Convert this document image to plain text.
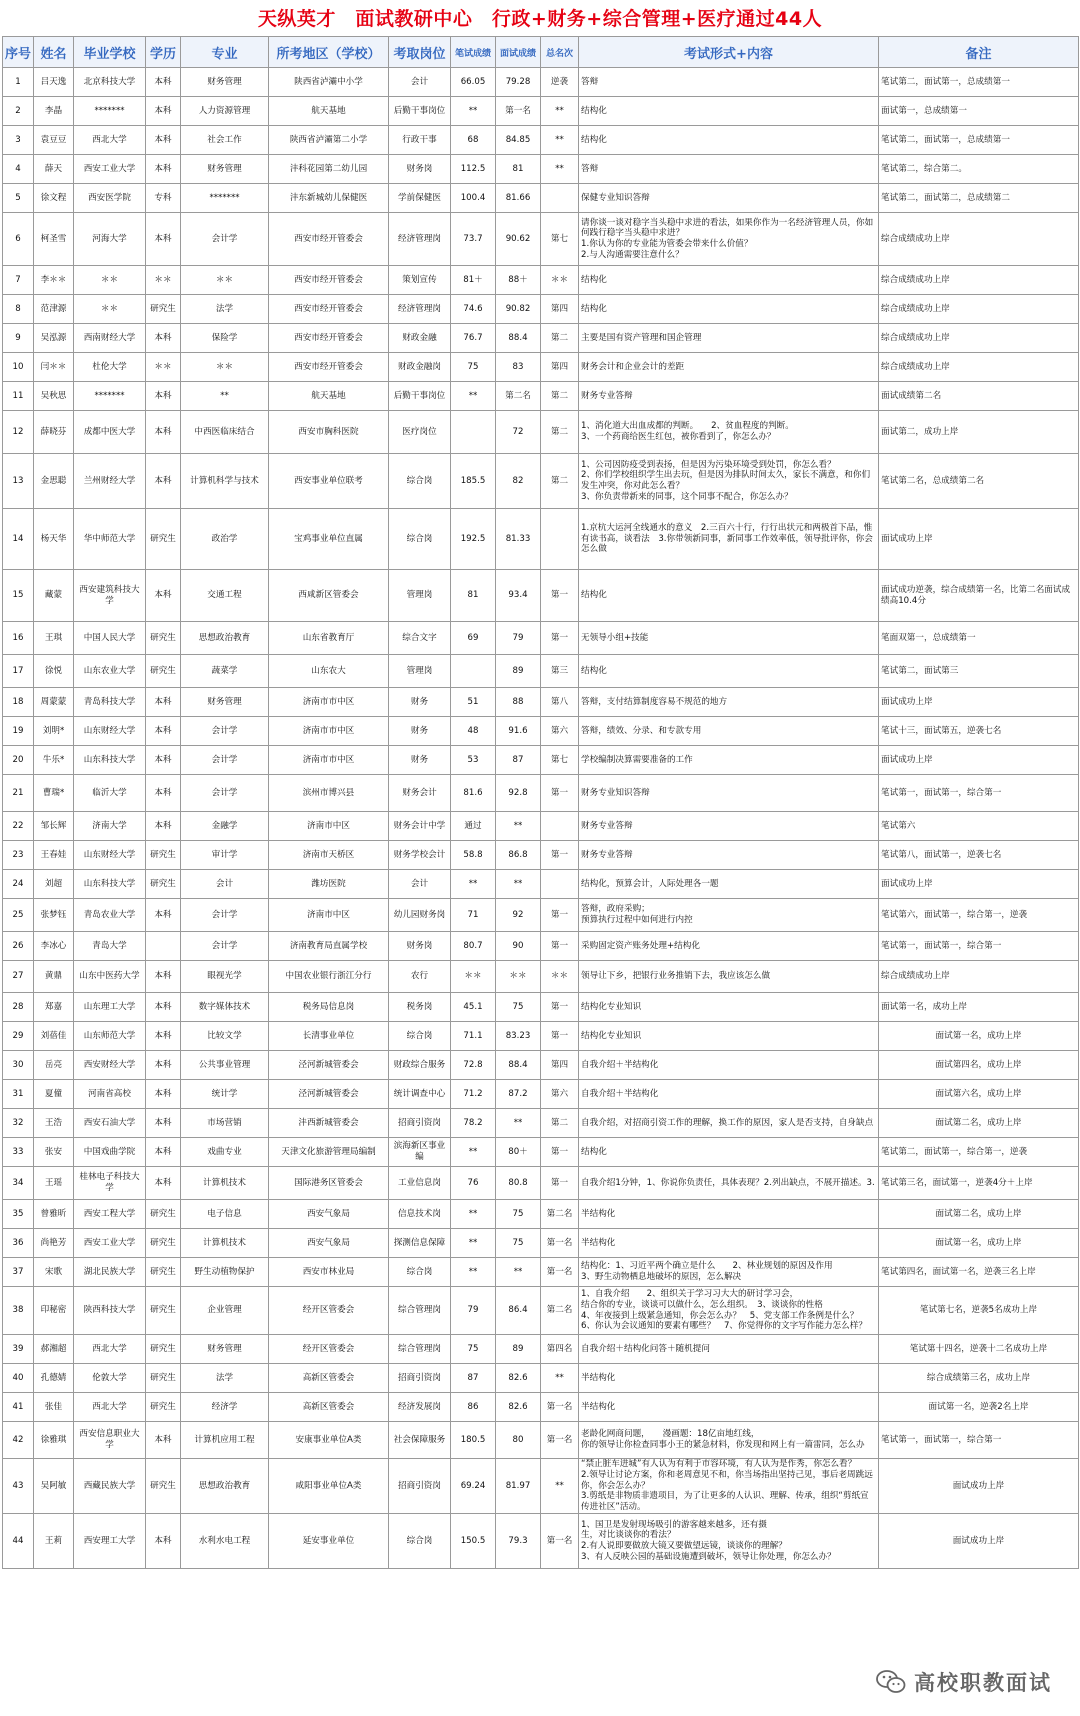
天纵英才　面试教研中心　行政+财务+综合管理+医疗通过44人
序号	姓名	毕业学校	学历	专业	所考地区（学校）	考取岗位	笔试成绩	面试成绩	总名次	考试形式+内容	备注
1	吕天逸	北京科技大学	本科	财务管理	陕西省泸灞中小学	会计	66.05	79.28	逆袭	答辩	笔试第二，面试第一，总成绩第一
2	李晶	*******	本科	人力资源管理	航天基地	后勤干事岗位	**	第一名	**	结构化	面试第一，总成绩第一
3	袁豆豆	西北大学	本科	社会工作	陕西省泸灞第二小学	行政干事	68	84.85	**	结构化	笔试第二，面试第一，总成绩第一
4	薛天	西安工业大学	本科	财务管理	沣科花园第二幼儿园	财务岗	112.5	81	**	答辩	笔试第二，综合第二。
5	徐文程	西安医学院	专科	*******	沣东新城幼儿保健医	学前保健医	100.4	81.66		保健专业知识答辩	笔试第二，面试第二，总成绩第二
6	柯圣雪	河海大学	本科	会计学	西安市经开管委会	经济管理岗	73.7	90.62	第七	请你谈一谈对稳字当头稳中求进的看法，如果你作为一名经济管理人员，你如何践行稳字当头稳中求进？
1.你认为你的专业能为管委会带来什么价值？
2.与人沟通需要注意什么？	综合成绩成功上岸
7	李＊＊	＊＊	＊＊	＊＊	西安市经开管委会	策划宣传	81＋	88＋	＊＊	结构化	综合成绩成功上岸
8	范津源	＊＊	研究生	法学	西安市经开管委会	经济管理岗	74.6	90.82	第四	结构化	综合成绩成功上岸
9	吴泓源	西南财经大学	本科	保险学	西安市经开管委会	财政金融	76.7	88.4	第二	主要是国有资产管理和国企管理	综合成绩成功上岸
10	闫＊＊	杜伦大学	＊＊	＊＊	西安市经开管委会	财政金融岗	75	83	第四	财务会计和企业会计的差距	综合成绩成功上岸
11	吴秋思	*******	本科	**	航天基地	后勤干事岗位	**	第二名	第二	财务专业答辩	面试成绩第二名
12	薛晓芬	成都中医大学	本科	中西医临床结合	西安市胸科医院	医疗岗位		72	第二	1、消化道大出血成都的判断。　　2、贫血程度的判断。
3、一个药商给医生红包，被你看到了，你怎么办？	面试第二，成功上岸
13	金思聪	兰州财经大学	本科	计算机科学与技术	西安事业单位联考	综合岗	185.5	82	第二	1、公司因防疫受到表扬，但是因为污染环境受到处罚，你怎么看？
2、你们学校组织学生出去玩，但是因为排队时间太久，家长不满意，和你们发生冲突，你对此怎么看？
3、你负责带新来的同事，这个同事不配合，你怎么办？	笔试第二名，总成绩第二名
14	杨天华	华中师范大学	研究生	政治学	宝鸡事业单位直属	综合岗	192.5	81.33		1.京杭大运河全线通水的意义　2.三百六十行，行行出状元和两极首下品，惟有读书高，谈看法　3.你带领新同事，新同事工作效率低，领导批评你，你会怎么做	面试成功上岸
15	藏蒙	西安建筑科技大学	本科	交通工程	西咸新区管委会	管理岗	81	93.4	第一	结构化	面试成功逆袭，综合成绩第一名，比第二名面试成绩高10.4分
16	王琪	中国人民大学	研究生	思想政治教育	山东省教育厅	综合文字	69	79	第一	无领导小组+技能	笔面双第一，总成绩第一
17	徐悦	山东农业大学	研究生	蔬菜学	山东农大	管理岗		89	第三	结构化	笔试第二，面试第三
18	周蒙蒙	青岛科技大学	本科	财务管理	济南市市中区	财务	51	88	第八	答辩，支付结算制度容易不规范的地方	面试成功上岸
19	刘明*	山东财经大学	本科	会计学	济南市市中区	财务	48	91.6	第六	答辩，绩效、分录、和专款专用	笔试十三，面试第五，逆袭七名
20	牛乐*	山东科技大学	本科	会计学	济南市市中区	财务	53	87	第七	学校编制决算需要准备的工作	面试成功上岸
21	曹瑞*	临沂大学	本科	会计学	滨州市博兴县	财务会计	81.6	92.8	第一	财务专业知识答辩	笔试第一，面试第一，综合第一
22	邹长辉	济南大学	本科	金融学	济南市中区	财务会计中学	通过	**		财务专业答辩	笔试第六
23	王春娃	山东财经大学	研究生	审计学	济南市天桥区	财务学校会计	58.8	86.8	第一	财务专业答辩	笔试第八，面试第一，逆袭七名
24	刘超	山东科技大学	研究生	会计	潍坊医院	会计	**	**		结构化，预算会计，人际处理各一题	面试成功上岸
25	张梦钰	青岛农业大学	本科	会计学	济南市中区	幼儿园财务岗	71	92	第一	答辩，政府采购；
预算执行过程中如何进行内控	笔试第六，面试第一，综合第一，逆袭
26	李冰心	青岛大学		会计学	济南教育局直属学校	财务岗	80.7	90	第一	采购固定资产账务处理+结构化	笔试第一，面试第一，综合第一
27	黄鼎	山东中医药大学	本科	眼视光学	中国农业银行浙江分行	农行	＊＊	＊＊	＊＊	领导让下乡，把银行业务推销下去，我应该怎么做	综合成绩成功上岸
28	郑嘉	山东理工大学	本科	数字媒体技术	税务局信息岗	税务岗	45.1	75	第一	结构化专业知识	面试第一名，成功上岸
29	刘蓓佳	山东师范大学	本科	比较文学	长清事业单位	综合岗	71.1	83.23	第一	结构化专业知识	面试第一名，成功上岸
30	岳亮	西安财经大学	本科	公共事业管理	泾河新城管委会	财政综合服务	72.8	88.4	第四	自我介绍＋半结构化	面试第四名，成功上岸
31	夏僮	河南省高校	本科	统计学	泾河新城管委会	统计调查中心	71.2	87.2	第六	自我介绍＋半结构化	面试第六名，成功上岸
32	王浩	西安石油大学	本科	市场营销	沣西新城管委会	招商引资岗	78.2	**	第二	自我介绍，对招商引资工作的理解，换工作的原因，家人是否支持，自身缺点	面试第二名，成功上岸
33	张安	中国戏曲学院	本科	戏曲专业	天津文化旅游管理局编制	滨海新区事业编	**	80＋	第一	结构化	笔试第二，面试第一，综合第一，逆袭
34	王瑶	桂林电子科技大学	本科	计算机技术	国际港务区管委会	工业信息岗	76	80.8	第一	自我介绍1分钟，1、你说你负责任，具体表现？2.列出缺点，不展开描述。3.	笔试第三名，面试第一，逆袭4分＋上岸
35	曾雅昕	西安工程大学	研究生	电子信息	西安气象局	信息技术岗	**	75	第二名	半结构化	面试第二名，成功上岸
36	尚艳芳	西安工业大学	研究生	计算机技术	西安气象局	探测信息保障	**	75	第一名	半结构化	面试第一名，成功上岸
37	宋歌	湖北民族大学	研究生	野生动植物保护	西安市林业局	综合岗	**	**	第一名	结构化：1、习近平两个确立是什么　　2、林业规划的原因及作用
3、野生动物栖息地破坏的原因，怎么解决	笔试第四名，面试第一名，逆袭三名上岸
38	印秘密	陕西科技大学	研究生	企业管理	经开区管委会	综合管理岗	79	86.4	第二名	1、自我介绍　　2、组织关于学习习大大的研讨学习会，
结合你的专业，谈谈可以做什么，怎么组织。　3、谈谈你的性格
4、年夜接到上级紧急通知，你会怎么办？　5、党支部工作条例是什么？
6、你认为会议通知的要素有哪些？　7、你觉得你的文字写作能力怎么样？	笔试第七名，逆袭5名成功上岸
39	郝湘超	西北大学	研究生	财务管理	经开区管委会	综合管理岗	75	89	第四名	自我介绍＋结构化问答＋随机提问	笔试第十四名，逆袭十二名成功上岸
40	孔德婧	伦敦大学	研究生	法学	高新区管委会	招商引资岗	87	82.6	**	半结构化	综合成绩第三名，成功上岸
41	张佳	西北大学	研究生	经济学	高新区管委会	经济发展岗	86	82.6	第一名	半结构化	面试第一名，逆袭2名上岸
42	徐雅琪	西安信息职业大学	本科	计算机应用工程	安康事业单位A类	社会保障服务	180.5	80	第一名	老龄化网商问题，　　漫画题：18亿亩地红线，
你的领导让你检查同事小王的紧急材料，你发现和网上有一篇雷同，怎么办	笔试第一，面试第一，综合第一
43	吴阿敏	西藏民族大学	研究生	思想政治教育	咸阳事业单位A类	招商引资岗	69.24	81.97	**	“禁止脏车进城”有人认为有利于市容环境，有人认为是作秀，你怎么看？
2.领导让讨论方案，你和老周意见不和，你当场指出坚持己见，事后老周跳远你，你会怎么办？
3.剪纸是非物质非遗项目，为了让更多的人认识、理解、传承，组织“剪纸宣传进社区”活动。	面试成功上岸
44	王莉	西安理工大学	本科	水利水电工程	延安事业单位	综合岗	150.5	79.3	第一名	1、国卫是发射现场吸引的游客越来越多，还有摄
生，对比谈谈你的看法？
2.有人说即要做放大镜又要做望远镜，谈谈你的理解？
3、有人反映公园的基础设施遭到破坏，领导让你处理，你怎么办？	面试成功上岸
高校职教面试
